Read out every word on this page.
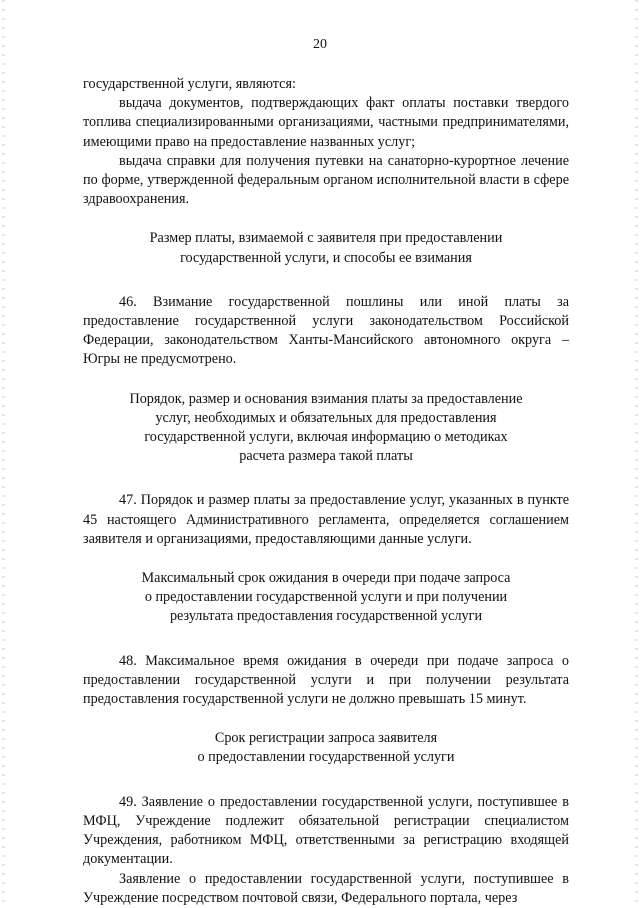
20

государственной услуги, являются:

выдача документов, подтверждающих факт оплаты поставки твердого топлива специализированными организациями, частными предпринимателями, имеющими право на предоставление названных услуг;

выдача справки для получения путевки на санаторно-курортное лечение по форме, утвержденной федеральным органом исполнительной власти в сфере здравоохранения.

Размер платы, взимаемой с заявителя при предоставлении
государственной услуги, и способы ее взимания

46. Взимание государственной пошлины или иной платы за предоставление государственной услуги законодательством Российской Федерации, законодательством Ханты-Мансийского автономного округа – Югры не предусмотрено.

Порядок, размер и основания взимания платы за предоставление
услуг, необходимых и обязательных для предоставления
государственной услуги, включая информацию о методиках
расчета размера такой платы

47. Порядок и размер платы за предоставление услуг, указанных в пункте 45 настоящего Административного регламента, определяется соглашением заявителя и организациями, предоставляющими данные услуги.

Максимальный срок ожидания в очереди при подаче запроса
о предоставлении государственной услуги и при получении
результата предоставления государственной услуги

48. Максимальное время ожидания в очереди при подаче запроса о предоставлении государственной услуги и при получении результата предоставления государственной услуги не должно превышать 15 минут.

Срок регистрации запроса заявителя
о предоставлении государственной услуги

49. Заявление о предоставлении государственной услуги, поступившее в МФЦ, Учреждение подлежит обязательной регистрации специалистом Учреждения, работником МФЦ, ответственными за регистрацию входящей документации.

Заявление о предоставлении государственной услуги, поступившее в Учреждение посредством почтовой связи, Федерального портала, через
